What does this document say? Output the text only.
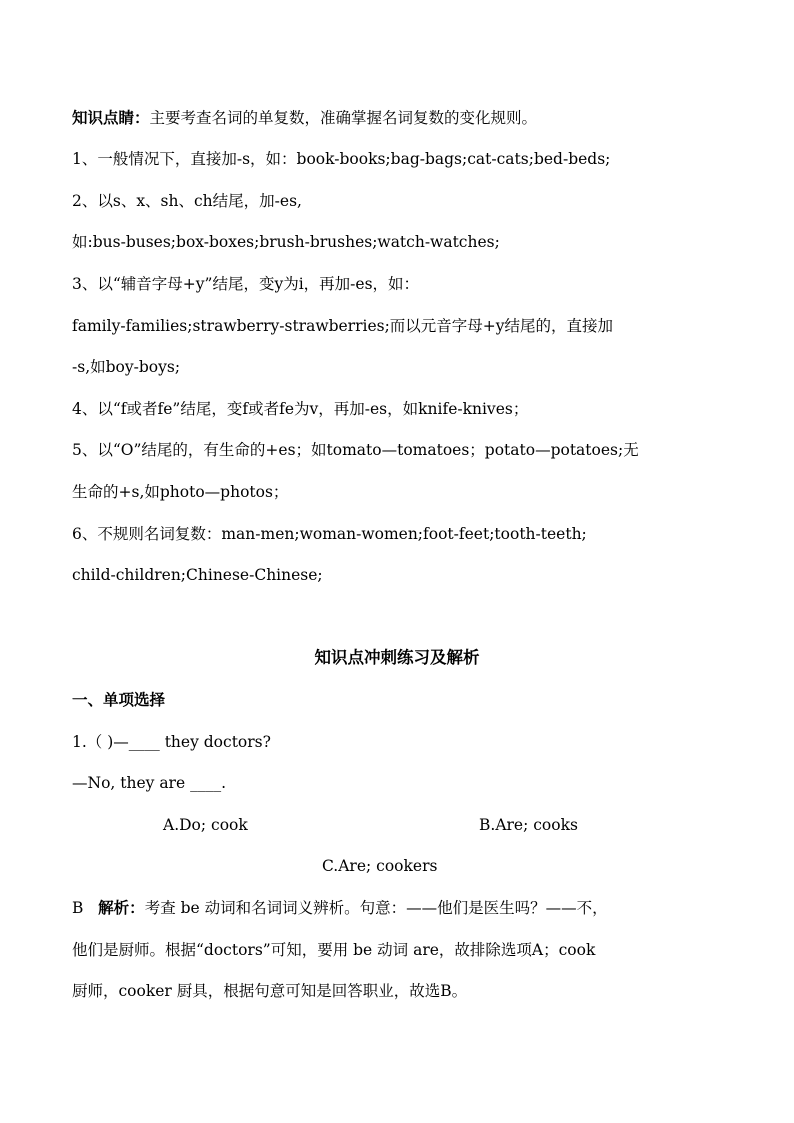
知识点睛：主要考查名词的单复数，准确掌握名词复数的变化规则。
1、一般情况下，直接加-s，如：book-books;bag-bags;cat-cats;bed-beds;
2、以s、x、sh、ch结尾，加-es,
如:bus-buses;box-boxes;brush-brushes;watch-watches;
3、以“辅音字母+y”结尾，变y为i，再加-es，如：
family-families;strawberry-strawberries;而以元音字母+y结尾的，直接加
-s,如boy-boys;
4、以“f或者fe”结尾，变f或者fe为v，再加-es，如knife-knives；
5、以“O”结尾的，有生命的+es；如tomato—tomatoes；potato—potatoes;无
生命的+s,如photo—photos；
6、不规则名词复数：man-men;woman-women;foot-feet;tooth-teeth;
child-children;Chinese-Chinese;
知识点冲刺练习及解析
一、单项选择
1.（ )—____ they doctors?
—No, they are ____.
A.Do; cook	B.Are; cooks
C.Are; cookers
B 解析：考查 be 动词和名词词义辨析。句意：——他们是医生吗？——不，
他们是厨师。根据“doctors”可知，要用 be 动词 are，故排除选项A；cook
厨师，cooker 厨具，根据句意可知是回答职业，故选B。
